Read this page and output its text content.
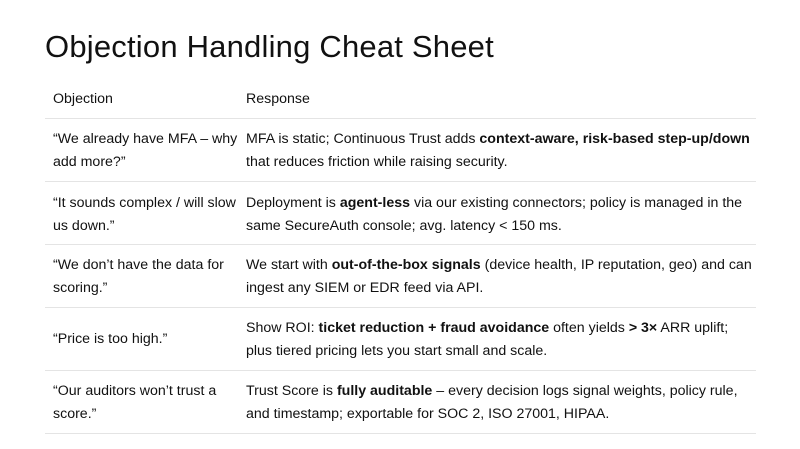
Objection Handling Cheat Sheet
Objection	Response
“We already have MFA – why add more?”	MFA is static; Continuous Trust adds context-aware, risk-based step-up/down that reduces friction while raising security.
“It sounds complex / will slow us down.”	Deployment is agent-less via our existing connectors; policy is managed in the same SecureAuth console; avg. latency < 150 ms.
“We don’t have the data for scoring.”	We start with out-of-the-box signals (device health, IP reputation, geo) and can ingest any SIEM or EDR feed via API.
“Price is too high.”	Show ROI: ticket reduction + fraud avoidance often yields > 3× ARR uplift; plus tiered pricing lets you start small and scale.
“Our auditors won’t trust a score.”	Trust Score is fully auditable – every decision logs signal weights, policy rule, and timestamp; exportable for SOC 2, ISO 27001, HIPAA.
